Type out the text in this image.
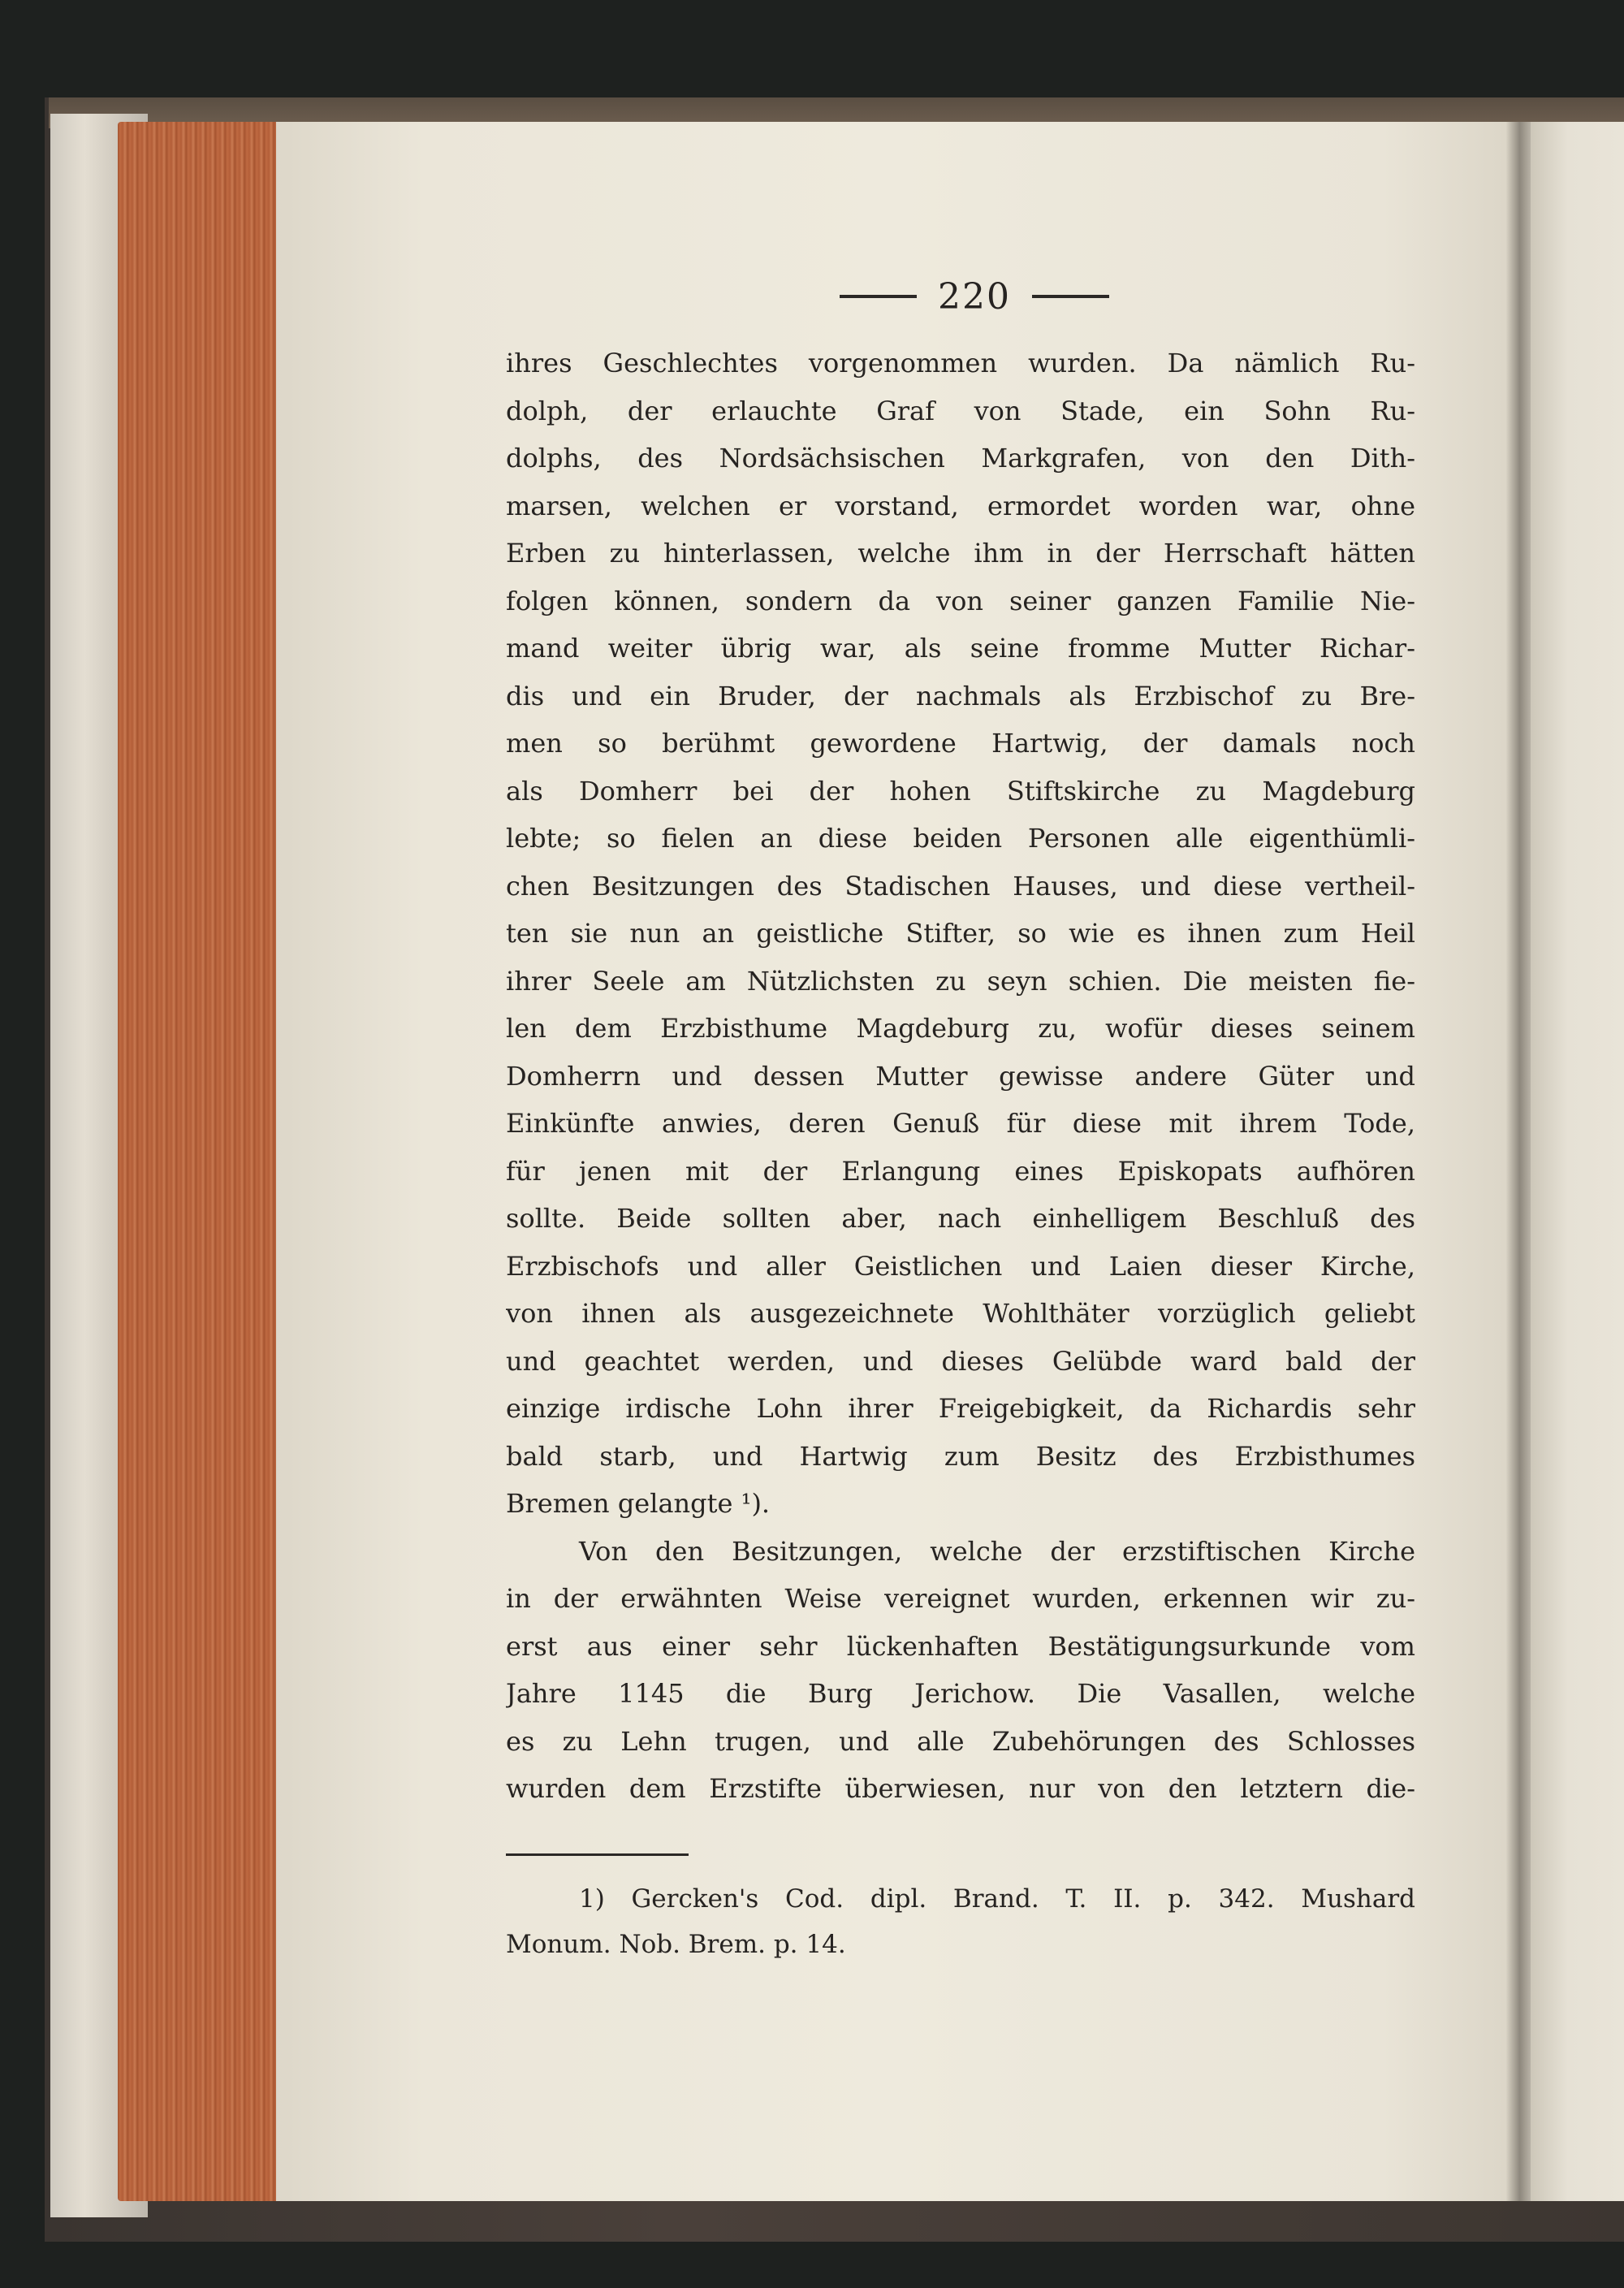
220
ihres Geschlechtes vorgenommen wurden. Da nämlich Ru-
dolph, der erlauchte Graf von Stade, ein Sohn Ru-
dolphs, des Nordsächsischen Markgrafen, von den Dith-
marsen, welchen er vorstand, ermordet worden war, ohne
Erben zu hinterlassen, welche ihm in der Herrschaft hätten
folgen können, sondern da von seiner ganzen Familie Nie-
mand weiter übrig war, als seine fromme Mutter Richar-
dis und ein Bruder, der nachmals als Erzbischof zu Bre-
men so berühmt gewordene Hartwig, der damals noch
als Domherr bei der hohen Stiftskirche zu Magdeburg
lebte; so fielen an diese beiden Personen alle eigenthümli-
chen Besitzungen des Stadischen Hauses, und diese vertheil-
ten sie nun an geistliche Stifter, so wie es ihnen zum Heil
ihrer Seele am Nützlichsten zu seyn schien. Die meisten fie-
len dem Erzbisthume Magdeburg zu, wofür dieses seinem
Domherrn und dessen Mutter gewisse andere Güter und
Einkünfte anwies, deren Genuß für diese mit ihrem Tode,
für jenen mit der Erlangung eines Episkopats aufhören
sollte. Beide sollten aber, nach einhelligem Beschluß des
Erzbischofs und aller Geistlichen und Laien dieser Kirche,
von ihnen als ausgezeichnete Wohlthäter vorzüglich geliebt
und geachtet werden, und dieses Gelübde ward bald der
einzige irdische Lohn ihrer Freigebigkeit, da Richardis sehr
bald starb, und Hartwig zum Besitz des Erzbisthumes
Bremen gelangte ¹).
Von den Besitzungen, welche der erzstiftischen Kirche
in der erwähnten Weise vereignet wurden, erkennen wir zu-
erst aus einer sehr lückenhaften Bestätigungsurkunde vom
Jahre 1145 die Burg Jerichow. Die Vasallen, welche
es zu Lehn trugen, und alle Zubehörungen des Schlosses
wurden dem Erzstifte überwiesen, nur von den letztern die-
1) Gercken's Cod. dipl. Brand. T. II. p. 342. Mushard
Monum. Nob. Brem. p. 14.
